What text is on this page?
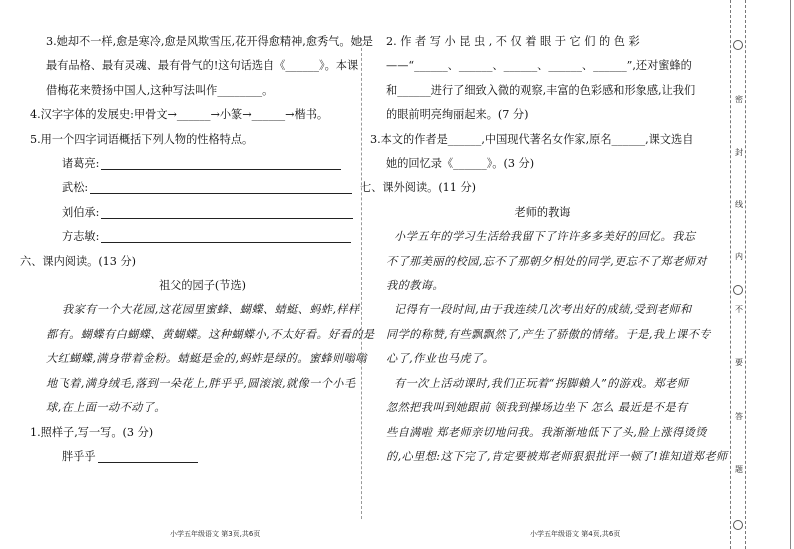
3.她却不一样,愈是寒冷,愈是风欺雪压,花开得愈精神,愈秀气。她是

最有品格、最有灵魂、最有骨气的!这句话选自《______》。本课

借梅花来赞扬中国人,这种写法叫作________。

4.汉字字体的发展史:甲骨文→______→小篆→______→楷书。

5.用一个四字词语概括下列人物的性格特点。

诸葛亮:

武松:

刘伯承:

方志敏:

六、课内阅读。(13 分)

祖父的园子(节选)

我家有一个大花园,这花园里蜜蜂、蝴蝶、蜻蜓、蚂蚱,样样

都有。蝴蝶有白蝴蝶、黄蝴蝶。这种蝴蝶小,不太好看。好看的是

大红蝴蝶,满身带着金粉。蜻蜓是金的,蚂蚱是绿的。蜜蜂则嗡嗡

地飞着,满身绒毛,落到一朵花上,胖乎乎,圆滚滚,就像一个小毛

球,在上面一动不动了。

1.照样子,写一写。(3 分)

胖乎乎

2. 作 者 写 小 昆 虫 , 不 仅 着 眼 于 它 们 的 色 彩

——“______、______、______、______、______”,还对蜜蜂的

和______进行了细致入微的观察,丰富的色彩感和形象感,让我们

的眼前明亮绚丽起来。(7 分)

3.本文的作者是______,中国现代著名女作家,原名______,课文选自

她的回忆录《______》。(3 分)

七、课外阅读。(11 分)

老师的教诲

小学五年的学习生活给我留下了许许多多美好的回忆。我忘

不了那美丽的校园,忘不了那朝夕相处的同学,更忘不了郑老师对

我的教诲。

记得有一段时间,由于我连续几次考出好的成绩,受到老师和

同学的称赞,有些飘飘然了,产生了骄傲的情绪。于是,我上课不专

心了,作业也马虎了。

有一次上活动课时,我们正玩着“拐脚賴人”的游戏。郑老师

忽然把我叫到她跟前 领我到操场边坐下 怎么 最近是不是有

些自满啦 郑老师亲切地问我。我渐渐地低下了头,脸上涨得烫烫

的,心里想:这下完了,肯定要被郑老师狠狠批评一顿了!谁知道郑老师

小学五年级语文 第3页,共6页	小学五年级语文 第4页,共6页
密
封
线
内
不
要
答
题
